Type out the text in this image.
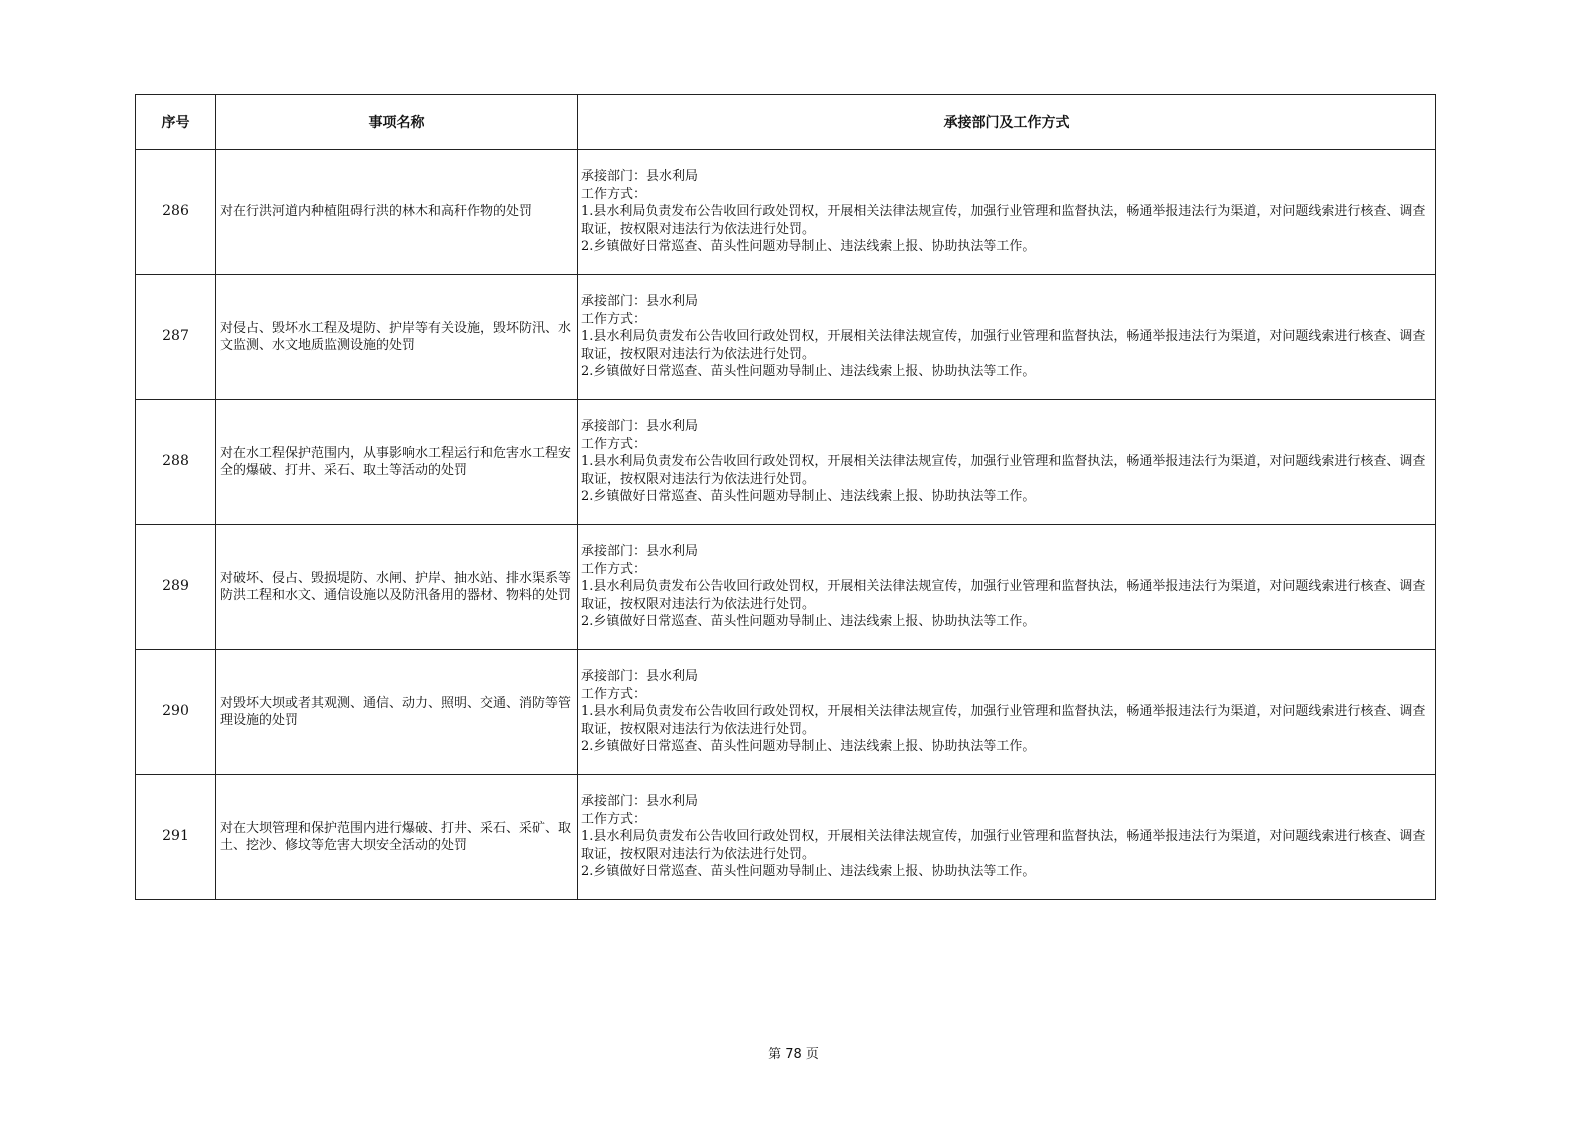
序号	事项名称	承接部门及工作方式
286	对在行洪河道内种植阻碍行洪的林木和高秆作物的处罚	承接部门：县水利局
工作方式：
1.县水利局负责发布公告收回行政处罚权，开展相关法律法规宣传，加强行业管理和监督执法，畅通举报违法行为渠道，对问题线索进行核查、调查取证，按权限对违法行为依法进行处罚。
2.乡镇做好日常巡查、苗头性问题劝导制止、违法线索上报、协助执法等工作。

287	对侵占、毁坏水工程及堤防、护岸等有关设施，毁坏防汛、水文监测、水文地质监测设施的处罚	承接部门：县水利局
工作方式：
1.县水利局负责发布公告收回行政处罚权，开展相关法律法规宣传，加强行业管理和监督执法，畅通举报违法行为渠道，对问题线索进行核查、调查取证，按权限对违法行为依法进行处罚。
2.乡镇做好日常巡查、苗头性问题劝导制止、违法线索上报、协助执法等工作。

288	对在水工程保护范围内，从事影响水工程运行和危害水工程安全的爆破、打井、采石、取土等活动的处罚	承接部门：县水利局
工作方式：
1.县水利局负责发布公告收回行政处罚权，开展相关法律法规宣传，加强行业管理和监督执法，畅通举报违法行为渠道，对问题线索进行核查、调查取证，按权限对违法行为依法进行处罚。
2.乡镇做好日常巡查、苗头性问题劝导制止、违法线索上报、协助执法等工作。

289	对破坏、侵占、毁损堤防、水闸、护岸、抽水站、排水渠系等防洪工程和水文、通信设施以及防汛备用的器材、物料的处罚	承接部门：县水利局
工作方式：
1.县水利局负责发布公告收回行政处罚权，开展相关法律法规宣传，加强行业管理和监督执法，畅通举报违法行为渠道，对问题线索进行核查、调查取证，按权限对违法行为依法进行处罚。
2.乡镇做好日常巡查、苗头性问题劝导制止、违法线索上报、协助执法等工作。

290	对毁坏大坝或者其观测、通信、动力、照明、交通、消防等管理设施的处罚	承接部门：县水利局
工作方式：
1.县水利局负责发布公告收回行政处罚权，开展相关法律法规宣传，加强行业管理和监督执法，畅通举报违法行为渠道，对问题线索进行核查、调查取证，按权限对违法行为依法进行处罚。
2.乡镇做好日常巡查、苗头性问题劝导制止、违法线索上报、协助执法等工作。

291	对在大坝管理和保护范围内进行爆破、打井、采石、采矿、取土、挖沙、修坟等危害大坝安全活动的处罚	承接部门：县水利局
工作方式：
1.县水利局负责发布公告收回行政处罚权，开展相关法律法规宣传，加强行业管理和监督执法，畅通举报违法行为渠道，对问题线索进行核查、调查取证，按权限对违法行为依法进行处罚。
2.乡镇做好日常巡查、苗头性问题劝导制止、违法线索上报、协助执法等工作。
第 78 页
